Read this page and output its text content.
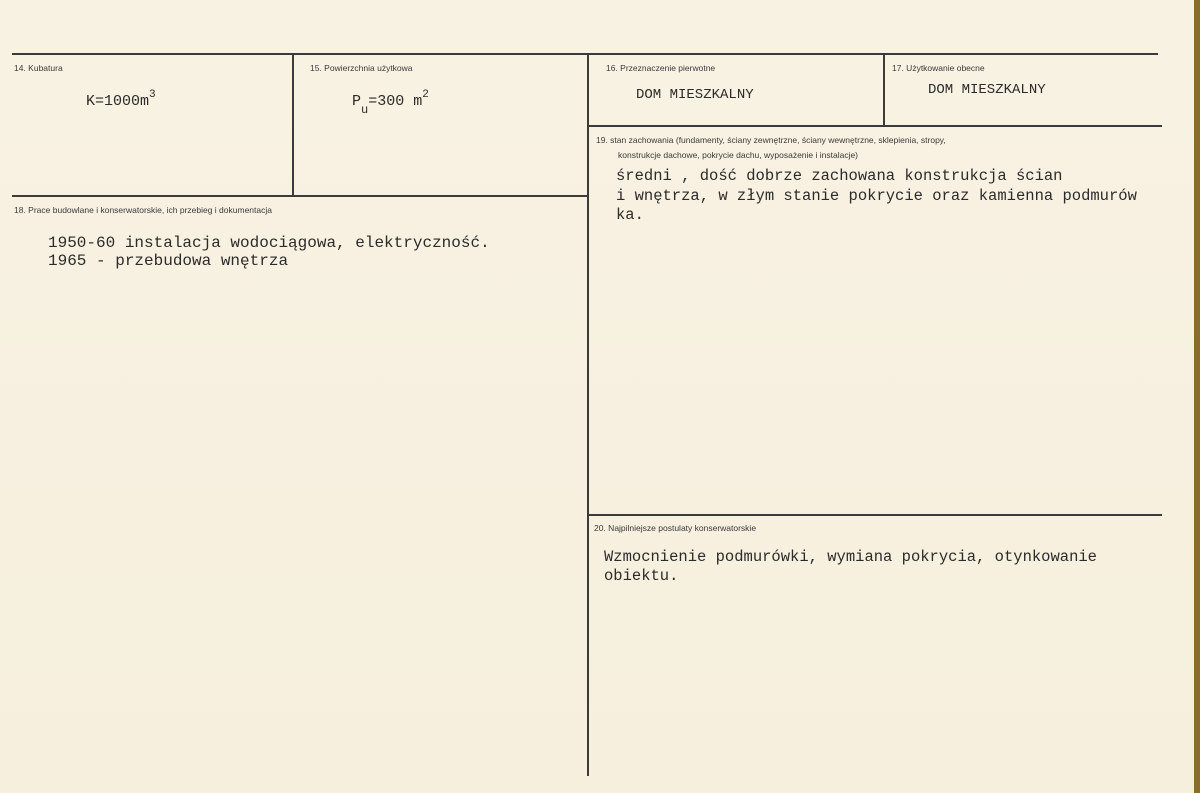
14. Kubatura
$K=1000m^3$
15. Powierzchnia użytkowa
$P_u=300$ $m^2$
16. Przeznaczenie pierwotne
DOM MIESZKALNY
17. Użytkowanie obecne
DOM MIESZKALNY
18. Prace budowlane i konserwatorskie, ich przebieg i dokumentacja
1950-60 instalacja wodociągowa, elektryczność.
1965 - przebudowa wnętrza
19. stan zachowania (fundamenty, ściany zewnętrzne, ściany wewnętrzne, sklepienia, stropy,
konstrukcje dachowe, pokrycie dachu, wyposażenie i instalacje)
średni , dość dobrze zachowana konstrukcja ścian
i wnętrza, w złym stanie pokrycie oraz kamienna podmurów
ka.
20. Najpilniejsze postulaty konserwatorskie
Wzmocnienie podmurówki, wymiana pokrycia, otynkowanie
obiektu.
